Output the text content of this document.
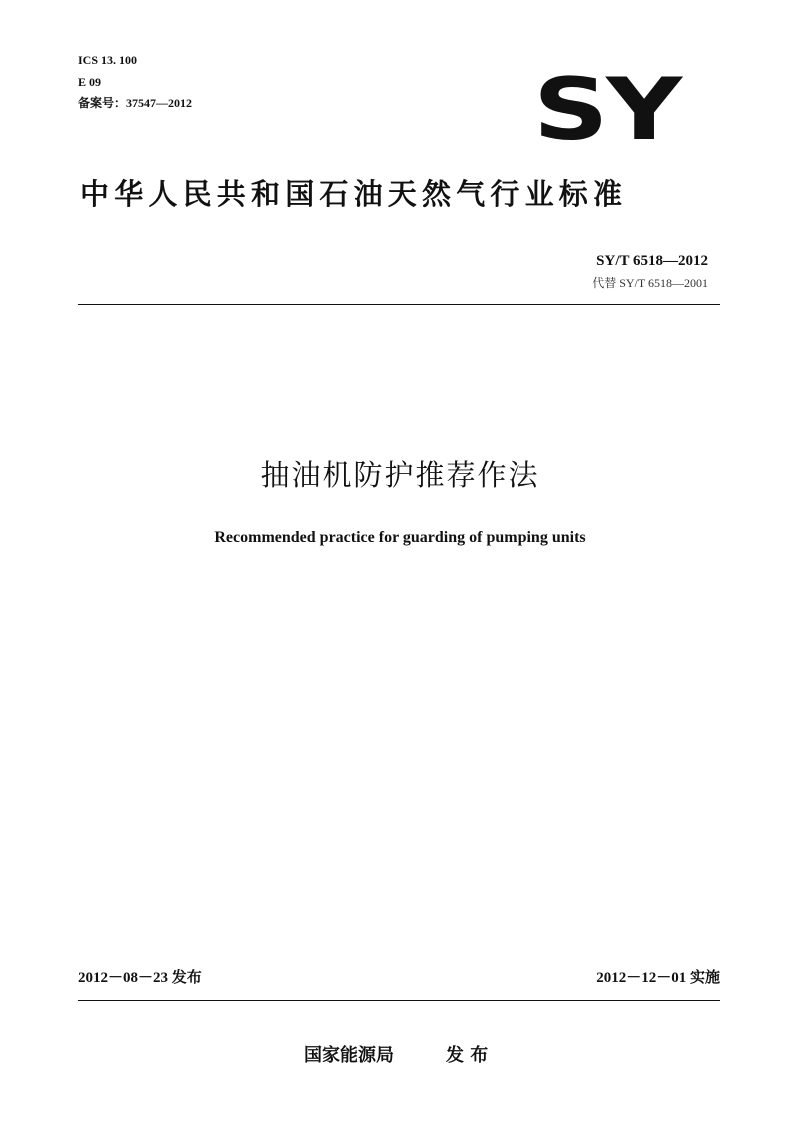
ICS 13. 100
E 09
备案号：37547—2012	SY
中华人民共和国石油天然气行业标准
SY/T 6518—2012
代替 SY/T 6518—2001
抽油机防护推荐作法
Recommended practice for guarding of pumping units
2012－08－23 发布	2012－12－01 实施
国家能源局	发 布
